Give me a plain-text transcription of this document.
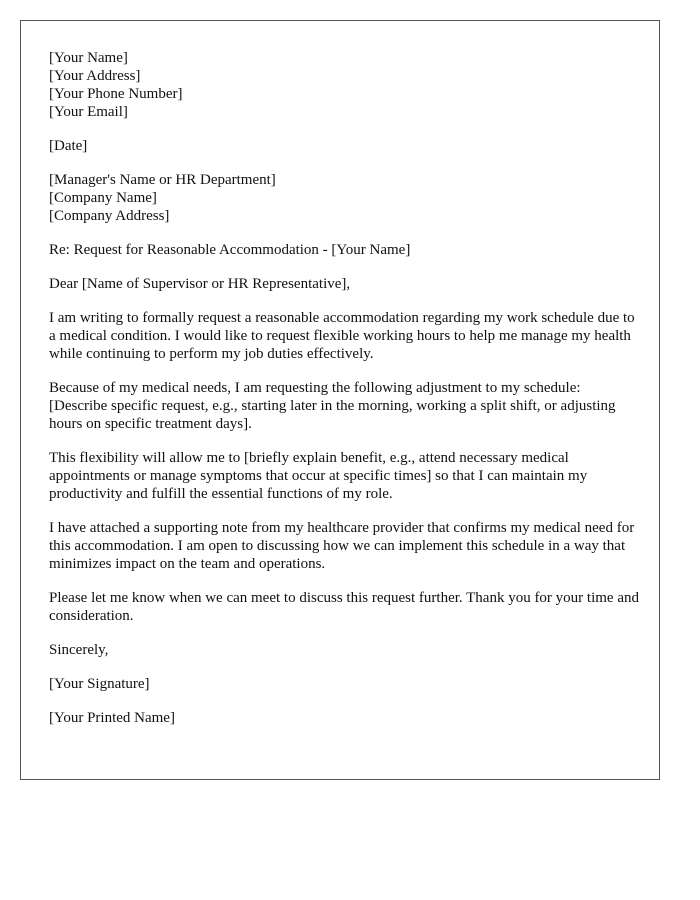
[Your Name]
[Your Address]
[Your Phone Number]
[Your Email]
[Date]
[Manager's Name or HR Department]
[Company Name]
[Company Address]

Re: Request for Reasonable Accommodation - [Your Name]

Dear [Name of Supervisor or HR Representative],

I am writing to formally request a reasonable accommodation regarding my work schedule due to a medical condition. I would like to request flexible working hours to help me manage my health while continuing to perform my job duties effectively.

Because of my medical needs, I am requesting the following adjustment to my schedule: [Describe specific request, e.g., starting later in the morning, working a split shift, or adjusting hours on specific treatment days].

This flexibility will allow me to [briefly explain benefit, e.g., attend necessary medical appointments or manage symptoms that occur at specific times] so that I can maintain my productivity and fulfill the essential functions of my role.

I have attached a supporting note from my healthcare provider that confirms my medical need for this accommodation. I am open to discussing how we can implement this schedule in a way that minimizes impact on the team and operations.

Please let me know when we can meet to discuss this request further. Thank you for your time and consideration.

Sincerely,

[Your Signature]

[Your Printed Name]
